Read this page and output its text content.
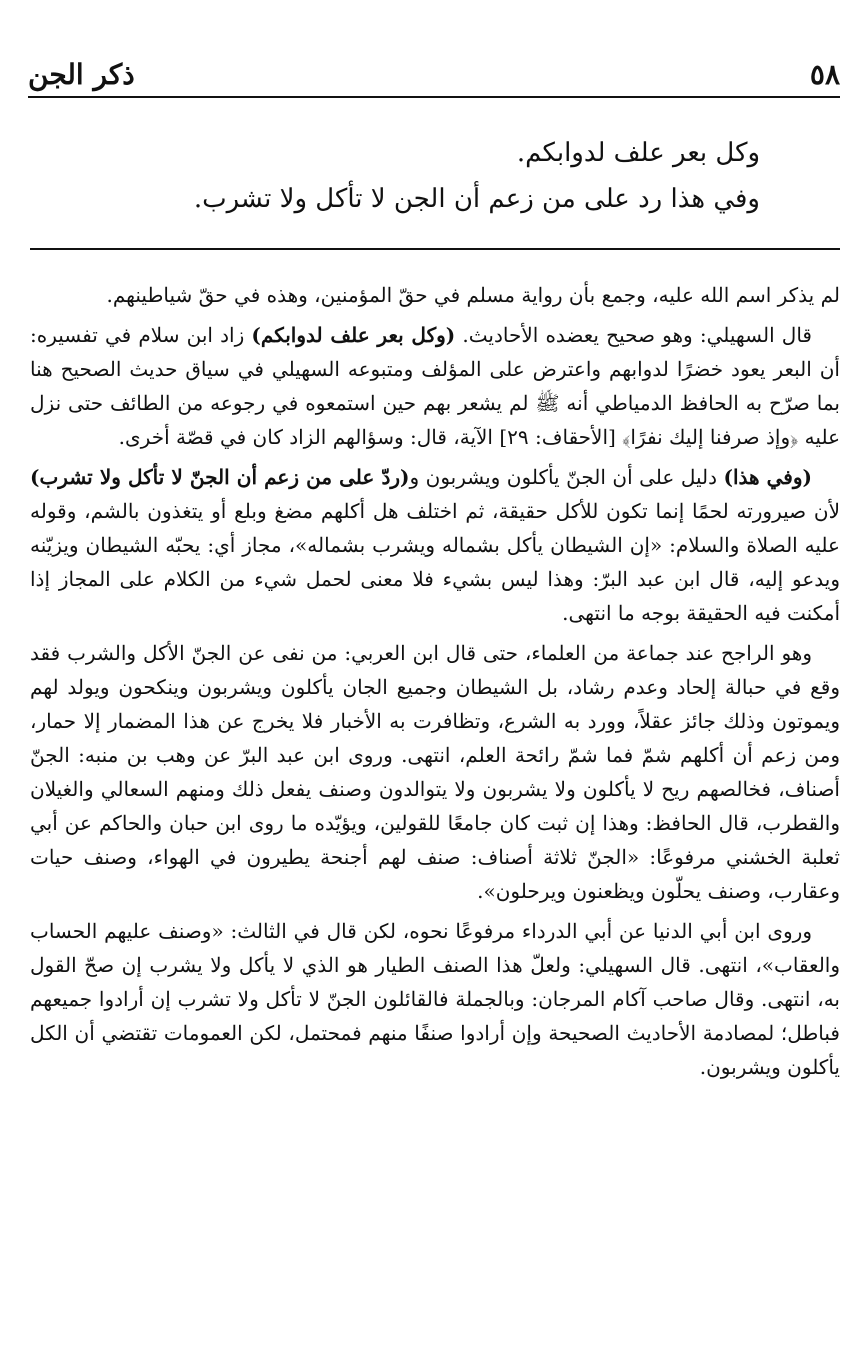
٥٨
ذكر الجن

وكل بعر علف لدوابكم.

وفي هذا رد على من زعم أن الجن لا تأكل ولا تشرب.

لم يذكر اسم الله عليه، وجمع بأن رواية مسلم في حقّ المؤمنين، وهذه في حقّ شياطينهم.

قال السهيلي: وهو صحيح يعضده الأحاديث. (وكل بعر علف لدوابكم) زاد ابن سلام في تفسيره: أن البعر يعود خضرًا لدوابهم واعترض على المؤلف ومتبوعه السهيلي في سياق حديث الصحيح هنا بما صرّح به الحافظ الدمياطي أنه ﷺ لم يشعر بهم حين استمعوه في رجوعه من الطائف حتى نزل عليه ﴿وإذ صرفنا إليك نفرًا﴾ [الأحقاف: ٢٩] الآية، قال: وسؤالهم الزاد كان في قصّة أخرى.

(وفي هذا) دليل على أن الجنّ يأكلون ويشربون و(ردّ على من زعم أن الجنّ لا تأكل ولا تشرب) لأن صيرورته لحمًا إنما تكون للأكل حقيقة، ثم اختلف هل أكلهم مضغ وبلع أو يتغذون بالشم، وقوله عليه الصلاة والسلام: «إن الشيطان يأكل بشماله ويشرب بشماله»، مجاز أي: يحبّه الشيطان ويزيّنه ويدعو إليه، قال ابن عبد البرّ: وهذا ليس بشيء فلا معنى لحمل شيء من الكلام على المجاز إذا أمكنت فيه الحقيقة بوجه ما انتهى.

وهو الراجح عند جماعة من العلماء، حتى قال ابن العربي: من نفى عن الجنّ الأكل والشرب فقد وقع في حبالة إلحاد وعدم رشاد، بل الشيطان وجميع الجان يأكلون ويشربون وينكحون ويولد لهم ويموتون وذلك جائز عقلاً، وورد به الشرع، وتظافرت به الأخبار فلا يخرج عن هذا المضمار إلا حمار، ومن زعم أن أكلهم شمّ فما شمّ رائحة العلم، انتهى. وروى ابن عبد البرّ عن وهب بن منبه: الجنّ أصناف، فخالصهم ريح لا يأكلون ولا يشربون ولا يتوالدون وصنف يفعل ذلك ومنهم السعالي والغيلان والقطرب، قال الحافظ: وهذا إن ثبت كان جامعًا للقولين، ويؤيّده ما روى ابن حبان والحاكم عن أبي ثعلبة الخشني مرفوعًا: «الجنّ ثلاثة أصناف: صنف لهم أجنحة يطيرون في الهواء، وصنف حيات وعقارب، وصنف يحلّون ويظعنون ويرحلون».

وروى ابن أبي الدنيا عن أبي الدرداء مرفوعًا نحوه، لكن قال في الثالث: «وصنف عليهم الحساب والعقاب»، انتهى. قال السهيلي: ولعلّ هذا الصنف الطيار هو الذي لا يأكل ولا يشرب إن صحّ القول به، انتهى. وقال صاحب آكام المرجان: وبالجملة فالقائلون الجنّ لا تأكل ولا تشرب إن أرادوا جميعهم فباطل؛ لمصادمة الأحاديث الصحيحة وإن أرادوا صنفًا منهم فمحتمل، لكن العمومات تقتضي أن الكل يأكلون ويشربون.
